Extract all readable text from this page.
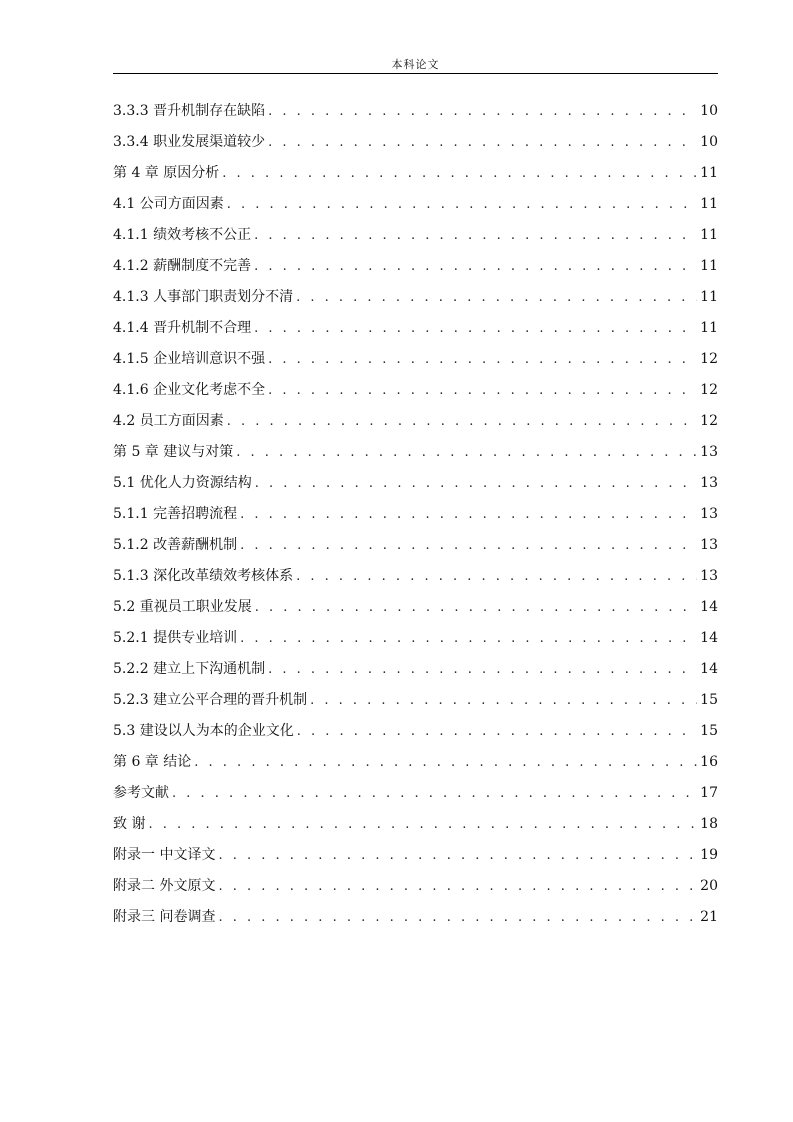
本科论文
3.3.3 晋升机制存在缺陷 . . .	10
3.3.4 职业发展渠道较少 . . .	10
第 4 章 原因分析 . . .	11
4.1 公司方面因素 . . .	11
4.1.1 绩效考核不公正 . . .	11
4.1.2 薪酬制度不完善 . . .	11
4.1.3 人事部门职责划分不清 . . .	11
4.1.4 晋升机制不合理 . . .	11
4.1.5 企业培训意识不强 . . .	12
4.1.6 企业文化考虑不全 . . .	12
4.2 员工方面因素 . . .	12
第 5 章 建议与对策 . . .	13
5.1 优化人力资源结构 . . .	13
5.1.1 完善招聘流程 . . .	13
5.1.2 改善薪酬机制 . . .	13
5.1.3 深化改革绩效考核体系 . . .	13
5.2 重视员工职业发展 . . .	14
5.2.1 提供专业培训 . . .	14
5.2.2 建立上下沟通机制 . . .	14
5.2.3 建立公平合理的晋升机制 . . .	15
5.3 建设以人为本的企业文化 . . .	15
第 6 章 结论 . . .	16
参考文献 . . .	17
致 谢 . . .	18
附录一 中文译文 . . .	19
附录二 外文原文 . . .	20
附录三 问卷调查 . . .	21
